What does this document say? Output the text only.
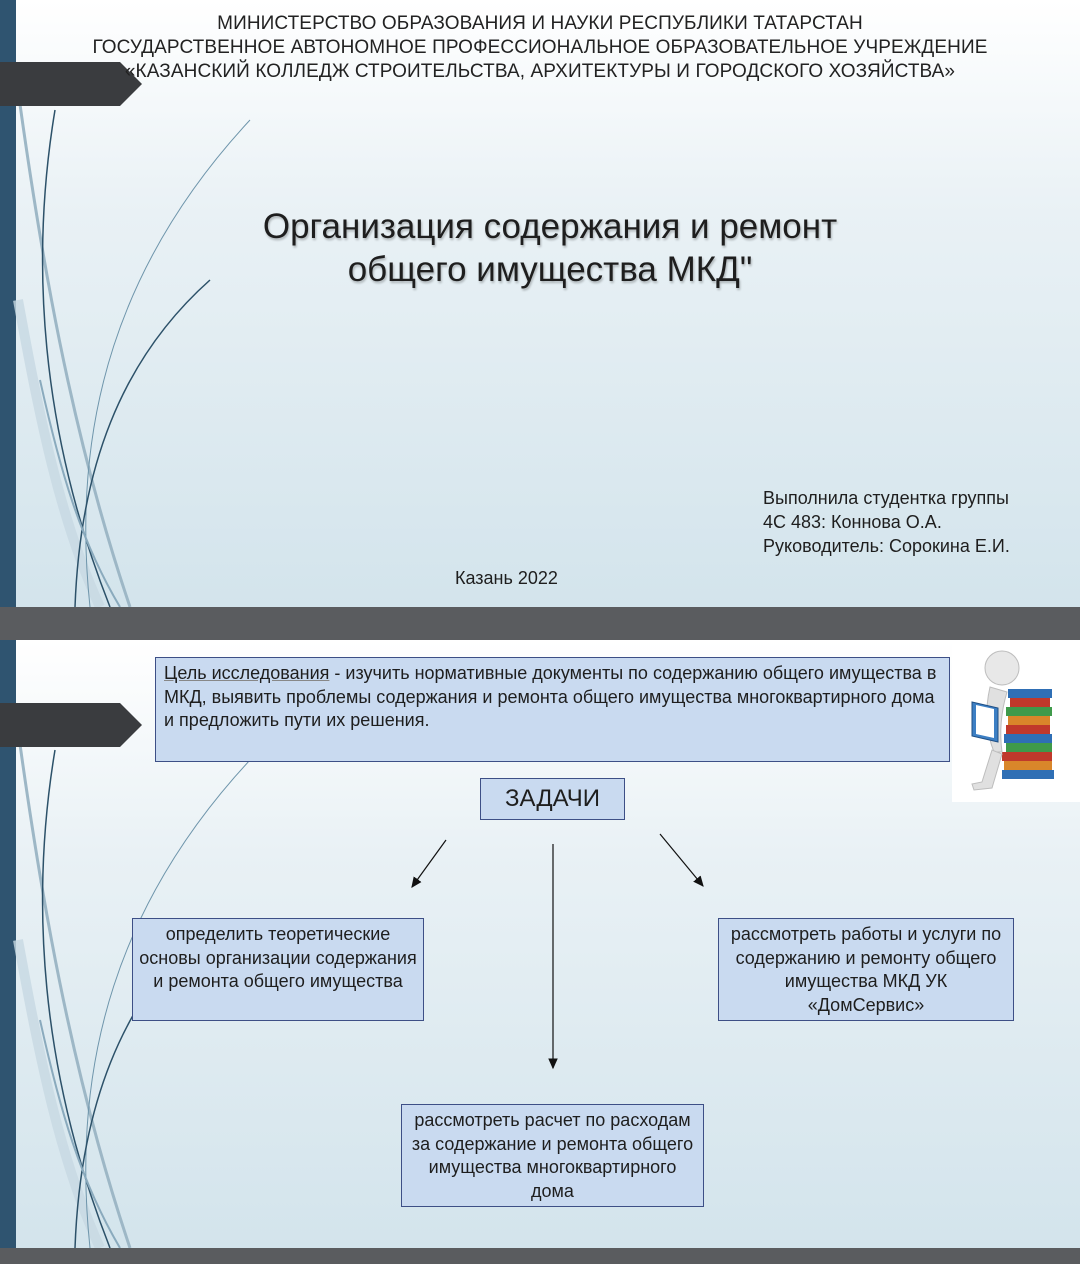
МИНИСТЕРСТВО ОБРАЗОВАНИЯ И НАУКИ РЕСПУБЛИКИ ТАТАРСТАН
ГОСУДАРСТВЕННОЕ АВТОНОМНОЕ ПРОФЕССИОНАЛЬНОЕ ОБРАЗОВАТЕЛЬНОЕ УЧРЕЖДЕНИЕ
«КАЗАНСКИЙ КОЛЛЕДЖ СТРОИТЕЛЬСТВА, АРХИТЕКТУРЫ И ГОРОДСКОГО ХОЗЯЙСТВА»
Организация содержания и ремонт
общего имущества МКД"
Выполнила студентка группы
4С 483: Коннова О.А.
Руководитель: Сорокина Е.И.
Казань 2022
Цель исследования - изучить нормативные документы по содержанию общего имущества в МКД, выявить проблемы содержания и ремонта общего имущества многоквартирного дома и предложить пути их решения.
ЗАДАЧИ
определить теоретические основы организации содержания и ремонта общего имущества
рассмотреть работы и услуги по содержанию и ремонту общего имущества МКД УК «ДомСервис»
рассмотреть расчет по расходам за содержание и ремонта общего имущества многоквартирного дома
